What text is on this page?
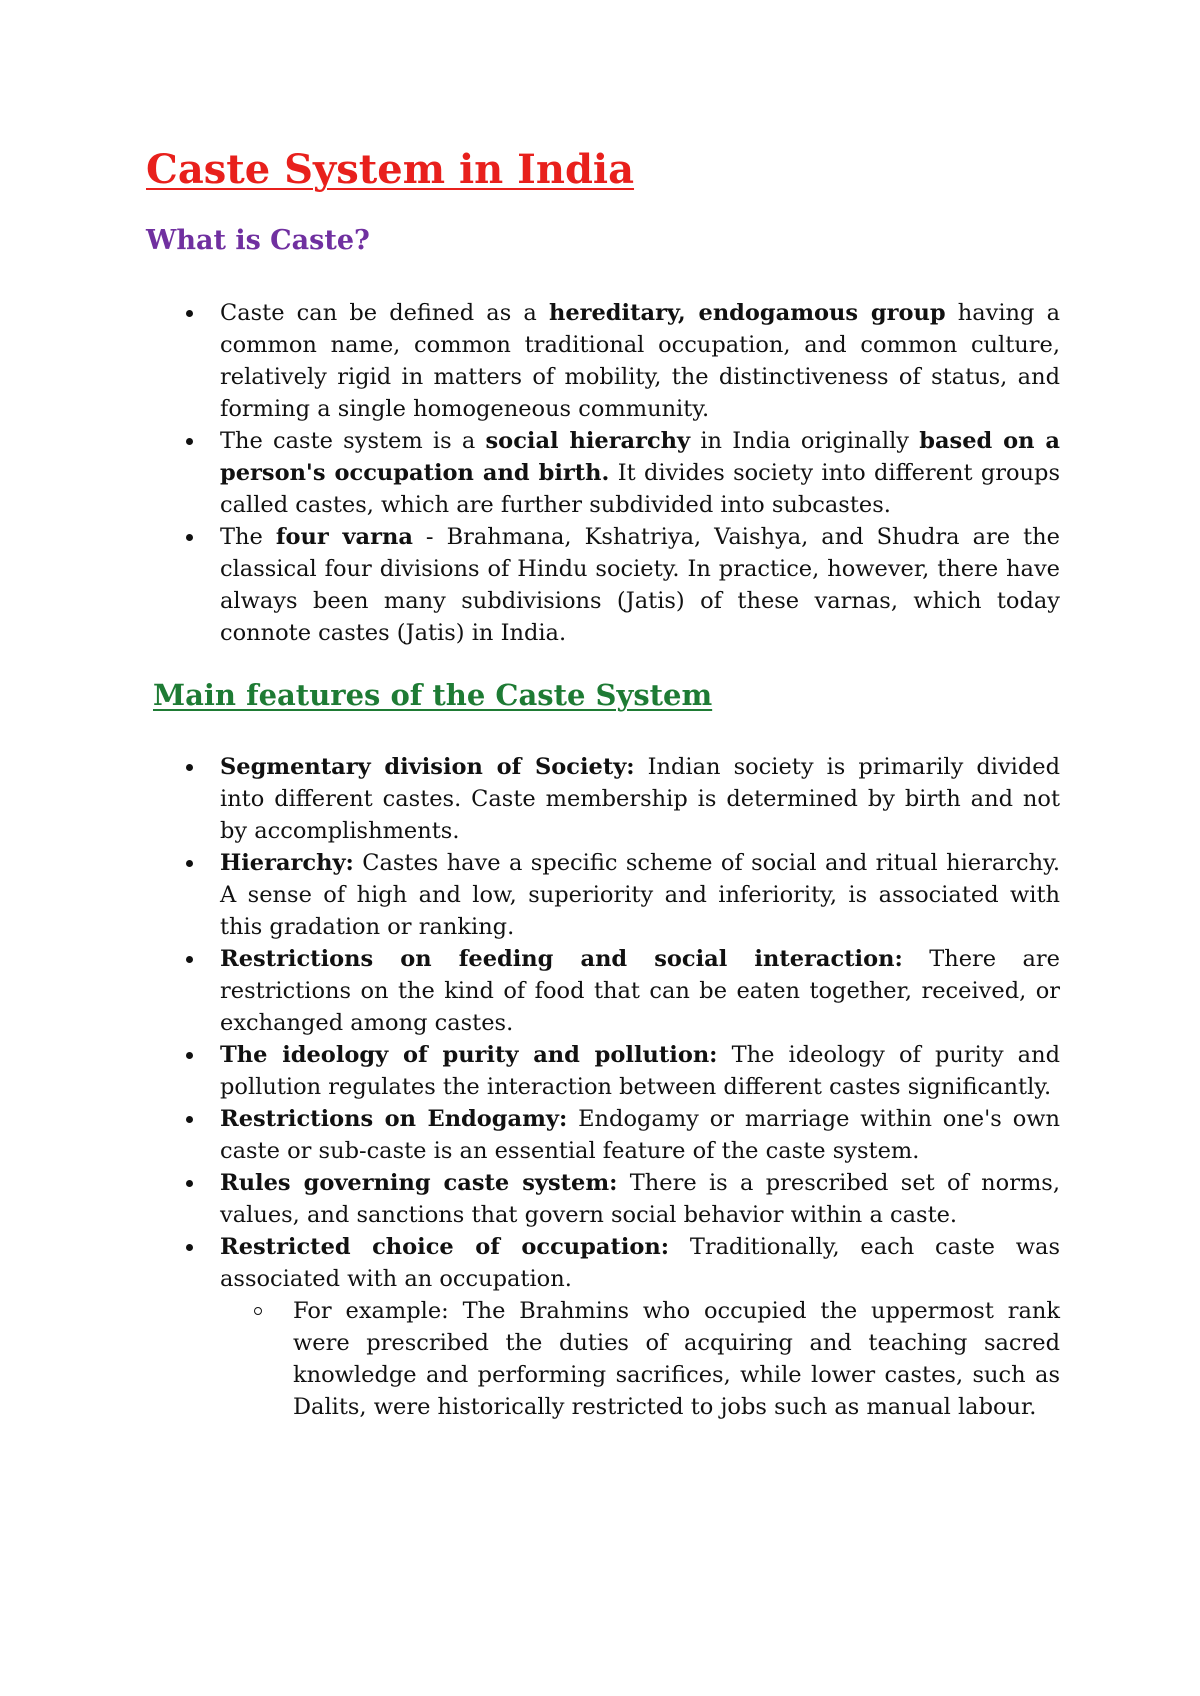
Caste System in India
What is Caste?
Caste can be defined as a hereditary, endogamous group having a common name, common traditional occupation, and common culture, relatively rigid in matters of mobility, the distinctiveness of status, and forming a single homogeneous community.
The caste system is a social hierarchy in India originally based on a person's occupation and birth. It divides society into different groups called castes, which are further subdivided into subcastes.
The four varna - Brahmana, Kshatriya, Vaishya, and Shudra are the classical four divisions of Hindu society. In practice, however, there have always been many subdivisions (Jatis) of these varnas, which today connote castes (Jatis) in India.
Main features of the Caste System
Segmentary division of Society: Indian society is primarily divided into different castes. Caste membership is determined by birth and not by accomplishments.
Hierarchy: Castes have a specific scheme of social and ritual hierarchy. A sense of high and low, superiority and inferiority, is associated with this gradation or ranking.
Restrictions on feeding and social interaction: There are restrictions on the kind of food that can be eaten together, received, or exchanged among castes.
The ideology of purity and pollution: The ideology of purity and pollution regulates the interaction between different castes significantly.
Restrictions on Endogamy: Endogamy or marriage within one's own caste or sub-caste is an essential feature of the caste system.
Rules governing caste system: There is a prescribed set of norms, values, and sanctions that govern social behavior within a caste.
Restricted choice of occupation: Traditionally, each caste was associated with an occupation.
For example: The Brahmins who occupied the uppermost rank were prescribed the duties of acquiring and teaching sacred knowledge and performing sacrifices, while lower castes, such as Dalits, were historically restricted to jobs such as manual labour.
